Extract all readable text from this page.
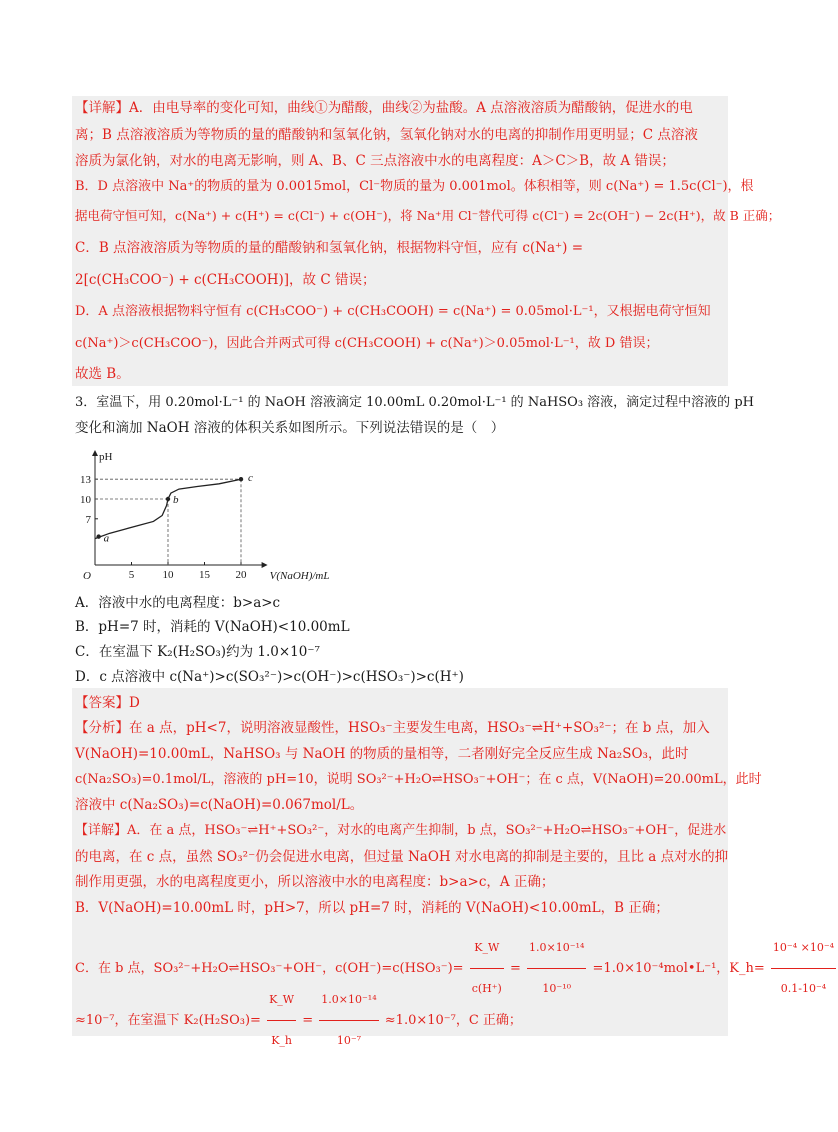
【详解】A．由电导率的变化可知，曲线①为醋酸，曲线②为盐酸。A 点溶液溶质为醋酸钠，促进水的电
离；B 点溶液溶质为等物质的量的醋酸钠和氢氧化钠，氢氧化钠对水的电离的抑制作用更明显；C 点溶液
溶质为氯化钠，对水的电离无影响，则 A、B、C 三点溶液中水的电离程度：A＞C＞B，故 A 错误；
B．D 点溶液中 Na⁺的物质的量为 0.0015mol，Cl⁻物质的量为 0.001mol。体积相等，则 c(Na⁺) = 1.5c(Cl⁻)，根
据电荷守恒可知，c(Na⁺) + c(H⁺) = c(Cl⁻) + c(OH⁻)，将 Na⁺用 Cl⁻替代可得 c(Cl⁻) = 2c(OH⁻) − 2c(H⁺)，故 B 正确；
C．B 点溶液溶质为等物质的量的醋酸钠和氢氧化钠，根据物料守恒，应有 c(Na⁺) =
2[c(CH₃COO⁻) + c(CH₃COOH)]，故 C 错误；
D．A 点溶液根据物料守恒有 c(CH₃COO⁻) + c(CH₃COOH) = c(Na⁺) = 0.05mol·L⁻¹，又根据电荷守恒知
c(Na⁺)＞c(CH₃COO⁻)，因此合并两式可得 c(CH₃COOH) + c(Na⁺)＞0.05mol·L⁻¹，故 D 错误；
故选 B。
3．室温下，用 0.20mol·L⁻¹ 的 NaOH 溶液滴定 10.00mL 0.20mol·L⁻¹ 的 NaHSO₃ 溶液，滴定过程中溶液的 pH
变化和滴加 NaOH 溶液的体积关系如图所示。下列说法错误的是（　）
pH
V(NaOH)/mL
O	5	10 15 20
7
10
13
a
b
c
A．溶液中水的电离程度：b>a>c
B．pH=7 时，消耗的 V(NaOH)<10.00mL
C．在室温下 K₂(H₂SO₃)约为 1.0×10⁻⁷
D．c 点溶液中 c(Na⁺)>c(SO₃²⁻)>c(OH⁻)>c(HSO₃⁻)>c(H⁺)
【答案】D
【分析】在 a 点，pH<7，说明溶液显酸性，HSO₃⁻主要发生电离，HSO₃⁻⇌H⁺+SO₃²⁻；在 b 点，加入
V(NaOH)=10.00mL，NaHSO₃ 与 NaOH 的物质的量相等，二者刚好完全反应生成 Na₂SO₃，此时
c(Na₂SO₃)=0.1mol/L，溶液的 pH=10，说明 SO₃²⁻+H₂O⇌HSO₃⁻+OH⁻；在 c 点，V(NaOH)=20.00mL，此时
溶液中 c(Na₂SO₃)=c(NaOH)=0.067mol/L。
【详解】A．在 a 点，HSO₃⁻⇌H⁺+SO₃²⁻，对水的电离产生抑制，b 点，SO₃²⁻+H₂O⇌HSO₃⁻+OH⁻，促进水
的电离，在 c 点，虽然 SO₃²⁻仍会促进水电离，但过量 NaOH 对水电离的抑制是主要的，且比 a 点对水的抑
制作用更强，水的电离程度更小，所以溶液中水的电离程度：b>a>c，A 正确；
B．V(NaOH)=10.00mL 时，pH>7，所以 pH=7 时，消耗的 V(NaOH)<10.00mL，B 正确；
C．在 b 点，SO₃²⁻+H₂O⇌HSO₃⁻+OH⁻，$c(OH^-)=c(HSO_3^-)= \frac{K\_W}{c(H^+)} = \frac{\text{1.0×10⁻¹⁴}}{\text{10⁻¹⁰}}$ =1.0×10⁻⁴mol•L⁻¹，K_h= $\frac{\text{10⁻⁴ ×10⁻⁴}}{\text{0.1-10⁻⁴}}$
≈10⁻⁷，在室温下 $K_2(H_2SO_3)= \frac{K\_W}{K\_h} = \frac{\text{1.0×10⁻¹⁴}}{\text{10⁻⁷}} \approx 1.0\times 10^{-7}$，C 正确；
